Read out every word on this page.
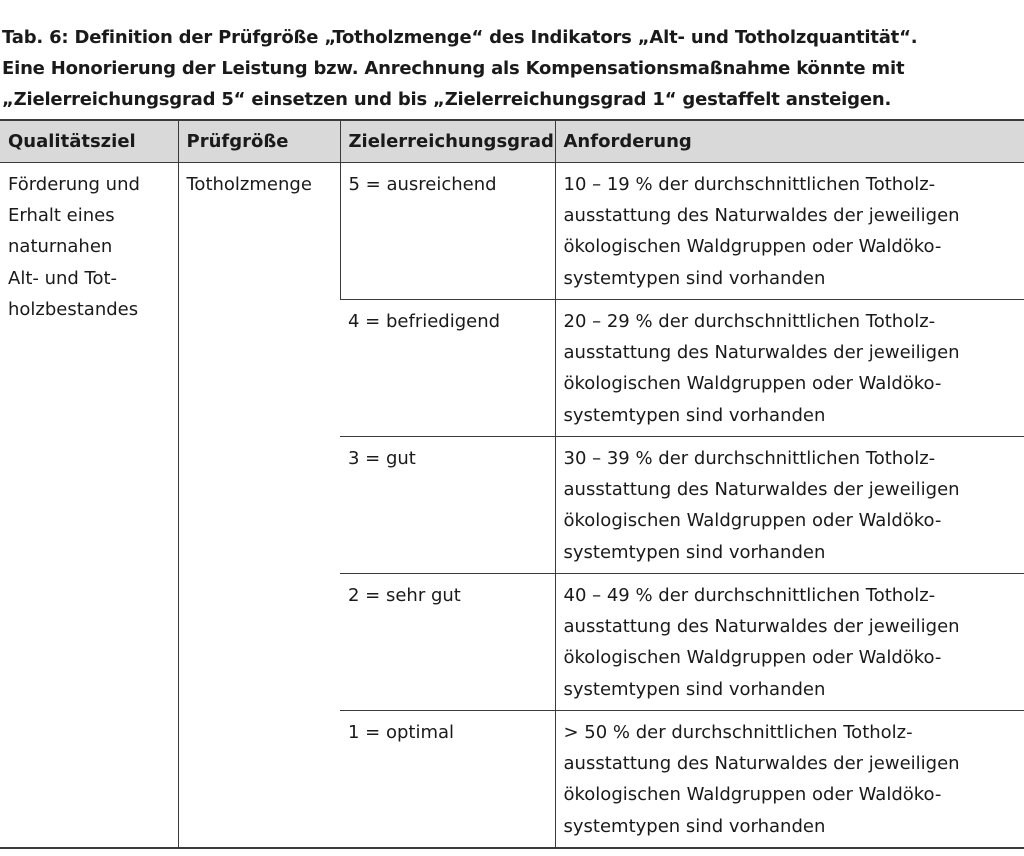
Tab. 6: Definition der Prüfgröße „Totholzmenge“ des Indikators „Alt- und Totholzquantität“.
Eine Honorierung der Leistung bzw. Anrechnung als Kompensationsmaßnahme könnte mit
„Zielerreichungsgrad 5“ einsetzen und bis „Zielerreichungsgrad 1“ gestaffelt ansteigen.
Qualitätsziel	Prüfgröße	Zielerreichungsgrad	Anforderung

Förderung und
Erhalt eines
naturnahen
Alt- und Tot-
holzbestandes	Totholzmenge	5 = ausreichend	10 – 19 % der durchschnittlichen Totholz-
ausstattung des Naturwaldes der jeweiligen
ökologischen Waldgruppen oder Waldöko-
systemtypen sind vorhanden

		4 = befriedigend	20 – 29 % der durchschnittlichen Totholz-
ausstattung des Naturwaldes der jeweiligen
ökologischen Waldgruppen oder Waldöko-
systemtypen sind vorhanden

		3 = gut	30 – 39 % der durchschnittlichen Totholz-
ausstattung des Naturwaldes der jeweiligen
ökologischen Waldgruppen oder Waldöko-
systemtypen sind vorhanden

		2 = sehr gut	40 – 49 % der durchschnittlichen Totholz-
ausstattung des Naturwaldes der jeweiligen
ökologischen Waldgruppen oder Waldöko-
systemtypen sind vorhanden

		1 = optimal	> 50 % der durchschnittlichen Totholz-
ausstattung des Naturwaldes der jeweiligen
ökologischen Waldgruppen oder Waldöko-
systemtypen sind vorhanden
